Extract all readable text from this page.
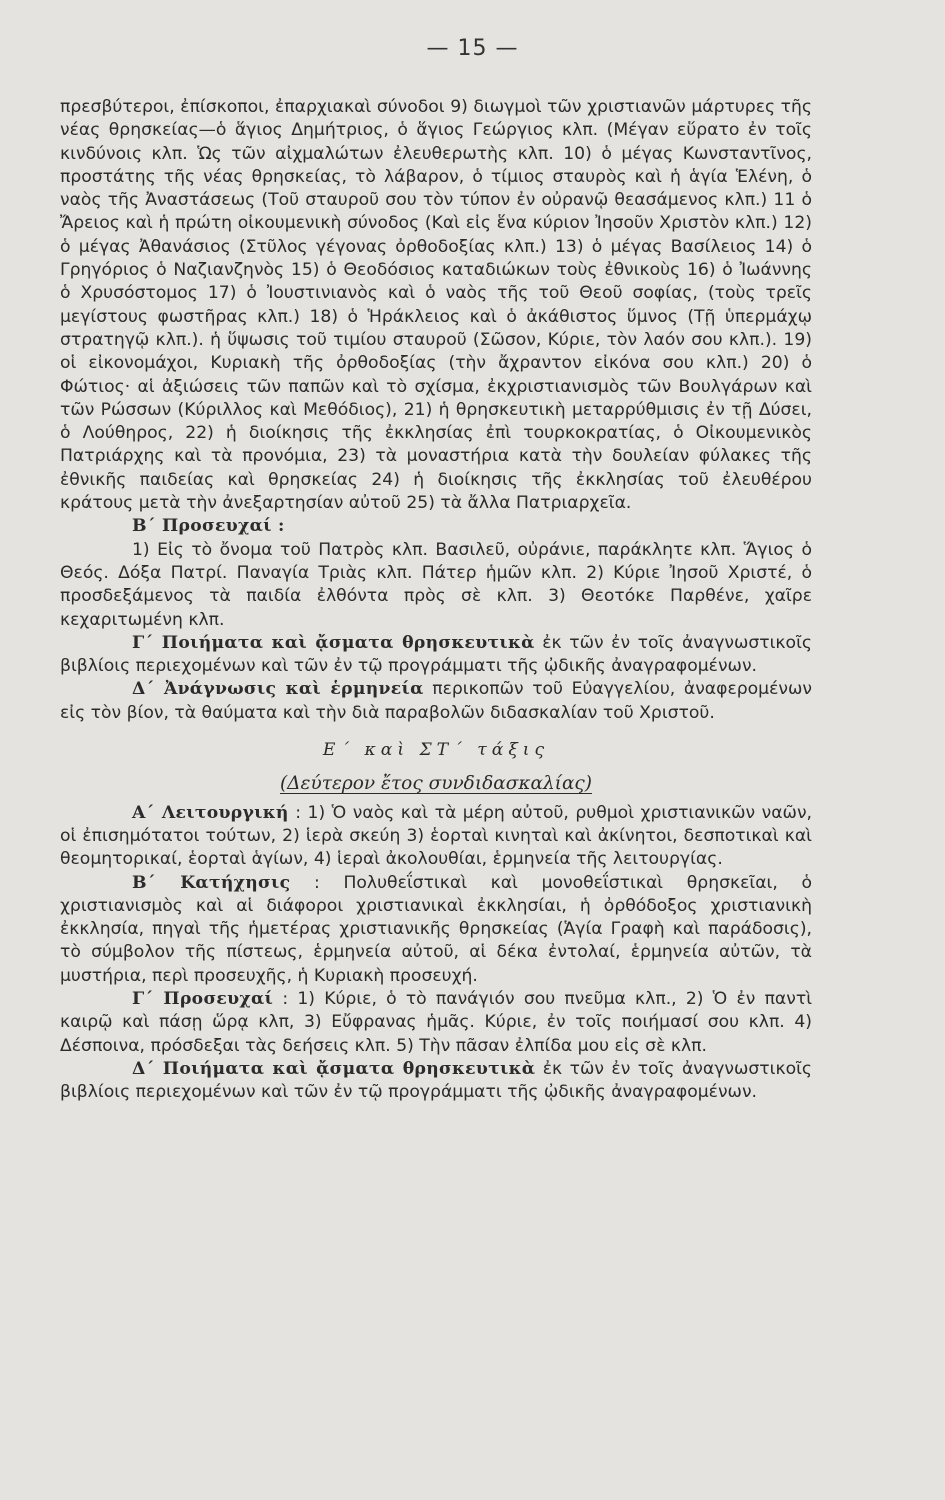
— 15 —

πρεσβύτεροι, ἐπίσκοποι, ἐπαρχιακαὶ σύνοδοι 9) διωγμοὶ τῶν χριστιανῶν μάρτυρες τῆς νέας θρησκείας—ὁ ἅγιος Δημήτριος, ὁ ἅγιος Γεώργιος κλπ. (Μέγαν εὕρατο ἐν τοῖς κινδύνοις κλπ. Ὡς τῶν αἰχμαλώτων ἐλευθερωτὴς κλπ. 10) ὁ μέγας Κωνσταντῖνος, προστάτης τῆς νέας θρησκείας, τὸ λάβαρον, ὁ τίμιος σταυρὸς καὶ ἡ ἁγία Ἑλένη, ὁ ναὸς τῆς Ἀναστάσεως (Τοῦ σταυροῦ σου τὸν τύπον ἐν οὐρανῷ θεασάμενος κλπ.) 11 ὁ Ἄρειος καὶ ἡ πρώτη οἰκουμενικὴ σύνοδος (Καὶ εἰς ἕνα κύριον Ἰησοῦν Χριστὸν κλπ.) 12) ὁ μέγας Ἀθανάσιος (Στῦλος γέγονας ὀρθοδοξίας κλπ.) 13) ὁ μέγας Βασίλειος 14) ὁ Γρηγόριος ὁ Ναζιανζηνὸς 15) ὁ Θεοδόσιος καταδιώκων τοὺς ἐθνικοὺς 16) ὁ Ἰωάννης ὁ Χρυσόστομος 17) ὁ Ἰουστινιανὸς καὶ ὁ ναὸς τῆς τοῦ Θεοῦ σοφίας, (τοὺς τρεῖς μεγίστους φωστῆρας κλπ.) 18) ὁ Ἡράκλειος καὶ ὁ ἀκάθιστος ὕμνος (Τῇ ὑπερμάχῳ στρατηγῷ κλπ.). ἡ ὕψωσις τοῦ τιμίου σταυροῦ (Σῶσον, Κύριε, τὸν λαόν σου κλπ.). 19) οἱ εἰκονομάχοι, Κυριακὴ τῆς ὀρθοδοξίας (τὴν ἄχραντον εἰκόνα σου κλπ.) 20) ὁ Φώτιος· αἱ ἀξιώσεις τῶν παπῶν καὶ τὸ σχίσμα, ἐκχριστιανισμὸς τῶν Βουλγάρων καὶ τῶν Ρώσσων (Κύριλλος καὶ Μεθόδιος), 21) ἡ θρησκευτικὴ μεταρρύθμισις ἐν τῇ Δύσει, ὁ Λούθηρος, 22) ἡ διοίκησις τῆς ἐκκλησίας ἐπὶ τουρκοκρατίας, ὁ Οἰκουμενικὸς Πατριάρχης καὶ τὰ προνόμια, 23) τὰ μοναστήρια κατὰ τὴν δουλείαν φύλακες τῆς ἐθνικῆς παιδείας καὶ θρησκείας 24) ἡ διοίκησις τῆς ἐκκλησίας τοῦ ἐλευθέρου κράτους μετὰ τὴν ἀνεξαρτησίαν αὐτοῦ 25) τὰ ἄλλα Πατριαρχεῖα.

Β΄ Προσευχαί :

1) Εἰς τὸ ὄνομα τοῦ Πατρὸς κλπ. Βασιλεῦ, οὐράνιε, παράκλητε κλπ. Ἅγιος ὁ Θεός. Δόξα Πατρί. Παναγία Τριὰς κλπ. Πάτερ ἡμῶν κλπ. 2) Κύριε Ἰησοῦ Χριστέ, ὁ προσδεξάμενος τὰ παιδία ἐλθόντα πρὸς σὲ κλπ. 3) Θεοτόκε Παρθένε, χαῖρε κεχαριτωμένη κλπ.

Γ΄ Ποιήματα καὶ ᾄσματα θρησκευτικὰ ἐκ τῶν ἐν τοῖς ἀναγνωστικοῖς βιβλίοις περιεχομένων καὶ τῶν ἐν τῷ προγράμματι τῆς ᾠδικῆς ἀναγραφομένων.

Δ΄ Ἀνάγνωσις καὶ ἑρμηνεία περικοπῶν τοῦ Εὐαγγελίου, ἀναφερομένων εἰς τὸν βίον, τὰ θαύματα καὶ τὴν διὰ παραβολῶν διδασκαλίαν τοῦ Χριστοῦ.

Ε΄ καὶ ΣΤ΄ τάξις

(Δεύτερον ἔτος συνδιδασκαλίας)

Α΄ Λειτουργική : 1) Ὁ ναὸς καὶ τὰ μέρη αὐτοῦ, ρυθμοὶ χριστιανικῶν ναῶν, οἱ ἐπισημότατοι τούτων, 2) ἱερὰ σκεύη 3) ἑορταὶ κινηταὶ καὶ ἀκίνητοι, δεσποτικαὶ καὶ θεομητορικαί, ἑορταὶ ἁγίων, 4) ἱεραὶ ἀκολουθίαι, ἑρμηνεία τῆς λειτουργίας.

Β΄ Κατήχησις : Πολυθεΐστικαὶ καὶ μονοθεΐστικαὶ θρησκεῖαι, ὁ χριστιανισμὸς καὶ αἱ διάφοροι χριστιανικαὶ ἐκκλησίαι, ἡ ὀρθόδοξος χριστιανικὴ ἐκκλησία, πηγαὶ τῆς ἡμετέρας χριστιανικῆς θρησκείας (Ἁγία Γραφὴ καὶ παράδοσις), τὸ σύμβολον τῆς πίστεως, ἑρμηνεία αὐτοῦ, αἱ δέκα ἐντολαί, ἑρμηνεία αὐτῶν, τὰ μυστήρια, περὶ προσευχῆς, ἡ Κυριακὴ προσευχή.

Γ΄ Προσευχαί : 1) Κύριε, ὁ τὸ πανάγιόν σου πνεῦμα κλπ., 2) Ὁ ἐν παντὶ καιρῷ καὶ πάσῃ ὥρᾳ κλπ, 3) Εὔφρανας ἡμᾶς. Κύριε, ἐν τοῖς ποιήμασί σου κλπ. 4) Δέσποινα, πρόσδεξαι τὰς δεήσεις κλπ. 5) Τὴν πᾶσαν ἐλπίδα μου εἰς σὲ κλπ.

Δ΄ Ποιήματα καὶ ᾄσματα θρησκευτικὰ ἐκ τῶν ἐν τοῖς ἀναγνωστικοῖς βιβλίοις περιεχομένων καὶ τῶν ἐν τῷ προγράμματι τῆς ᾠδικῆς ἀναγραφομένων.
